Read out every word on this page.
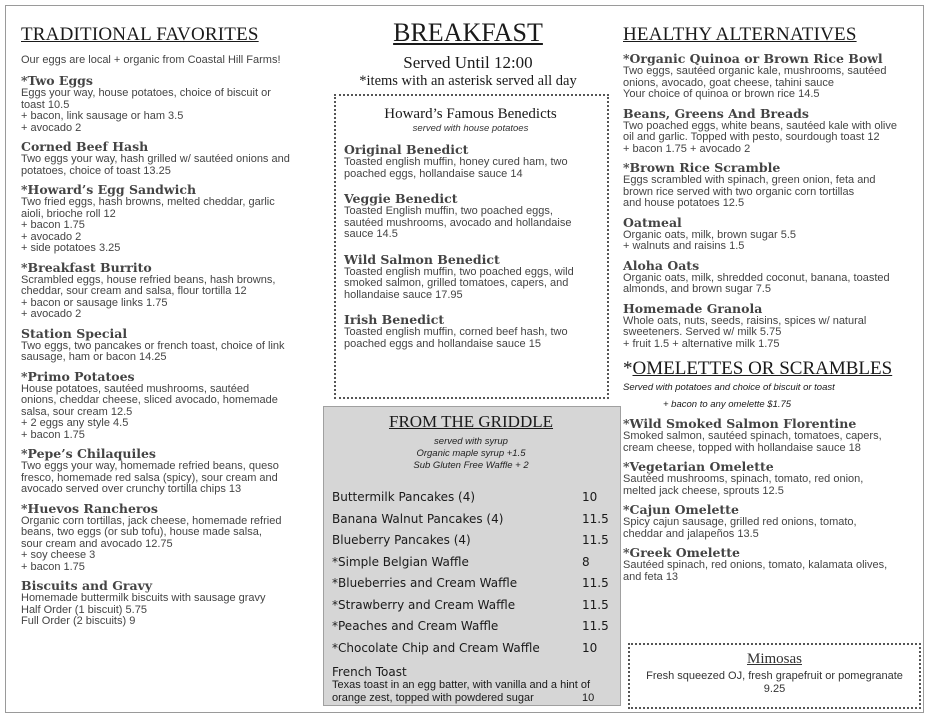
TRADITIONAL FAVORITES
Our eggs are local + organic from Coastal Hill Farms!
*Two Eggs
Eggs your way, house potatoes, choice of biscuit or
toast 10.5
+ bacon, link sausage or ham 3.5
+ avocado 2
Corned Beef Hash
Two eggs your way, hash grilled w/ sautéed onions and
potatoes, choice of toast 13.25
*Howard’s Egg Sandwich
Two fried eggs, hash browns, melted cheddar, garlic
aioli, brioche roll 12
+ bacon 1.75
+ avocado 2
+ side potatoes 3.25
*Breakfast Burrito
Scrambled eggs, house refried beans, hash browns,
cheddar, sour cream and salsa, flour tortilla 12
+ bacon or sausage links 1.75
+ avocado 2
Station Special
Two eggs, two pancakes or french toast, choice of link
sausage, ham or bacon 14.25
*Primo Potatoes
House potatoes, sautéed mushrooms, sautéed
onions, cheddar cheese, sliced avocado, homemade
salsa, sour cream 12.5
+ 2 eggs any style 4.5
+ bacon 1.75
*Pepe’s Chilaquiles
Two eggs your way, homemade refried beans, queso
fresco, homemade red salsa (spicy), sour cream and
avocado served over crunchy tortilla chips 13
*Huevos Rancheros
Organic corn tortillas, jack cheese, homemade refried
beans, two eggs (or sub tofu), house made salsa,
sour cream and avocado 12.75
+ soy cheese 3
+ bacon 1.75
Biscuits and Gravy
Homemade buttermilk biscuits with sausage gravy
Half Order (1 biscuit) 5.75
Full Order (2 biscuits) 9
BREAKFAST
Served Until 12:00
*items with an asterisk served all day
Howard’s Famous Benedicts
served with house potatoes
Original Benedict
Toasted english muffin, honey cured ham, two
poached eggs, hollandaise sauce 14
Veggie Benedict
Toasted English muffin, two poached eggs,
sautéed mushrooms, avocado and hollandaise
sauce 14.5
Wild Salmon Benedict
Toasted english muffin, two poached eggs, wild
smoked salmon, grilled tomatoes, capers, and
hollandaise sauce 17.95
Irish Benedict
Toasted english muffin, corned beef hash, two
poached eggs and hollandaise sauce 15
FROM THE GRIDDLE
served with syrup
Organic maple syrup +1.5
Sub Gluten Free Waffle + 2
Buttermilk Pancakes (4)	10
Banana Walnut Pancakes (4)	11.5
Blueberry Pancakes (4)	11.5
*Simple Belgian Waffle	8
*Blueberries and Cream Waffle	11.5
*Strawberry and Cream Waffle	11.5
*Peaches and Cream Waffle	11.5
*Chocolate Chip and Cream Waffle	10
French Toast
Texas toast in an egg batter, with vanilla and a hint of
orange zest, topped with powdered sugar	10
HEALTHY ALTERNATIVES
*Organic Quinoa or Brown Rice Bowl
Two eggs, sautéed organic kale, mushrooms, sautéed
onions, avocado, goat cheese, tahini sauce
Your choice of quinoa or brown rice 14.5
Beans, Greens And Breads
Two poached eggs, white beans, sautéed kale with olive
oil and garlic. Topped with pesto, sourdough toast 12
+ bacon 1.75 + avocado 2
*Brown Rice Scramble
Eggs scrambled with spinach, green onion, feta and
brown rice served with two organic corn tortillas
and house potatoes 12.5
Oatmeal
Organic oats, milk, brown sugar 5.5
+ walnuts and raisins 1.5
Aloha Oats
Organic oats, milk, shredded coconut, banana, toasted
almonds, and brown sugar 7.5
Homemade Granola
Whole oats, nuts, seeds, raisins, spices w/ natural
sweeteners. Served w/ milk 5.75
+ fruit 1.5 + alternative milk 1.75
*OMELETTES OR SCRAMBLES
Served with potatoes and choice of biscuit or toast
+ bacon to any omelette $1.75
*Wild Smoked Salmon Florentine
Smoked salmon, sautéed spinach, tomatoes, capers,
cream cheese, topped with hollandaise sauce 18
*Vegetarian Omelette
Sautéed mushrooms, spinach, tomato, red onion,
melted jack cheese, sprouts 12.5
*Cajun Omelette
Spicy cajun sausage, grilled red onions, tomato,
cheddar and jalapeños 13.5
*Greek Omelette
Sautéed spinach, red onions, tomato, kalamata olives,
and feta 13
Mimosas
Fresh squeezed OJ, fresh grapefruit or pomegranate
9.25
